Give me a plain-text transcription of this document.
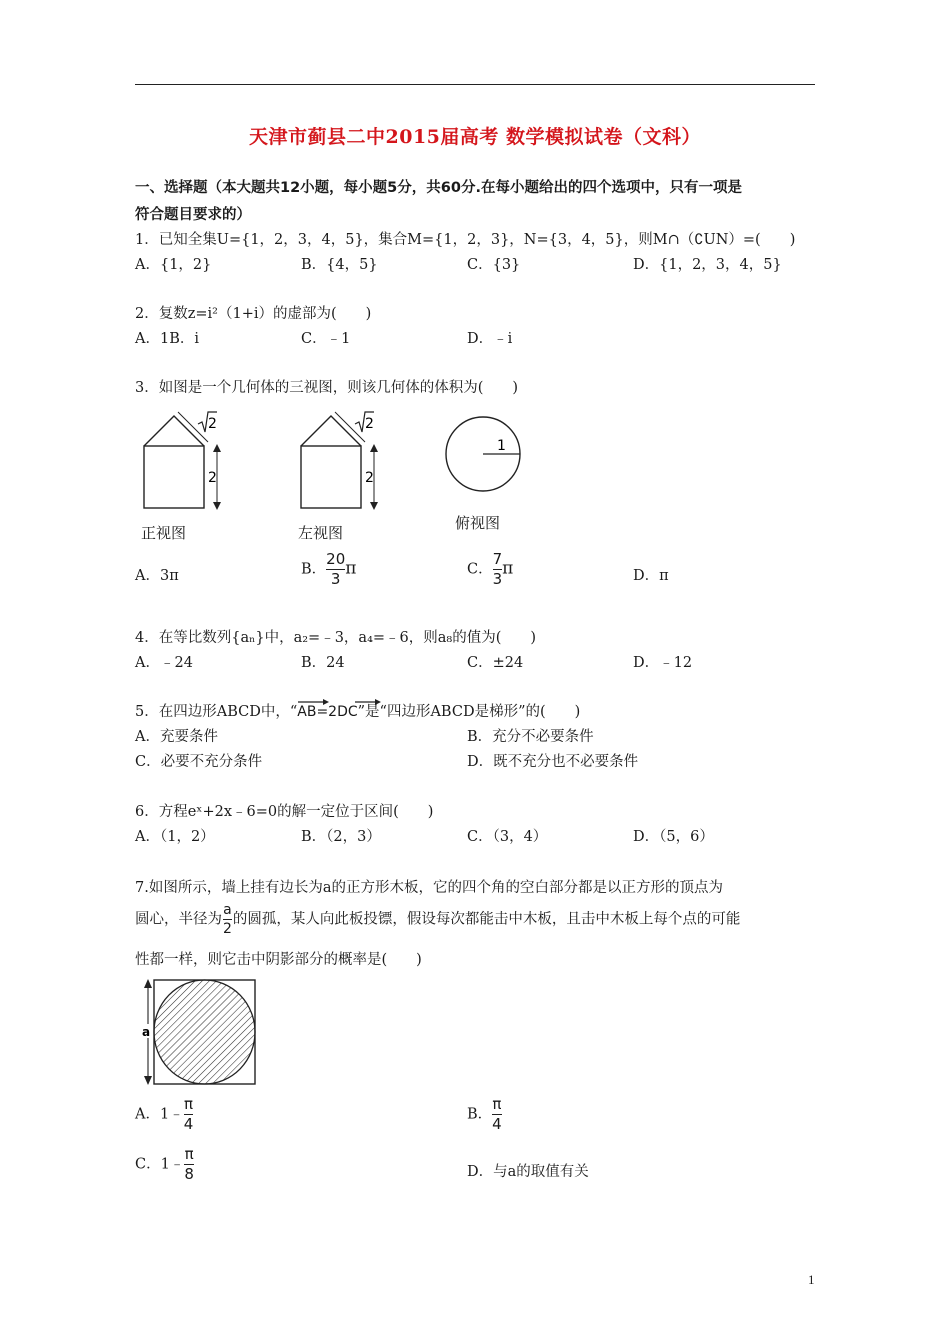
天津市蓟县二中2015届高考 数学模拟试卷（文科）
一、选择题（本大题共12小题，每小题5分，共60分.在每小题给出的四个选项中，只有一项是
符合题目要求的）
1．已知全集U={1，2，3，4，5}，集合M={1，2，3}，N={3，4，5}，则M∩（∁UN）=(　　)
A．{1，2}	B．{4，5}	C．{3}	D．{1，2，3，4，5}
2．复数z=i²（1+i）的虚部为(　　)
A．1B．i	C．﹣1	D．﹣i
3．如图是一个几何体的三视图，则该几何体的体积为(　　)
2
2
2
2
1
正视图	左视图
俯视图
A．3π	B． $\frac{20}{3}$ π	C． $\frac{7}{3}$ π	D．π
4．在等比数列{aₙ}中，a₂=﹣3，a₄=﹣6，则a₈的值为(　　)
A．﹣24	B．24	C．±24	D．﹣12
5．在四边形ABCD中，“
AB=2DC”是“四边形ABCD是梯形”的(　　)
A．充要条件	B．充分不必要条件
C．必要不充分条件	D．既不充分也不必要条件
6．方程eˣ+2x﹣6=0的解一定位于区间(　　)
A．（1，2）	B．（2，3）	C．（3，4）	D．（5，6）
7.如图所示，墙上挂有边长为a的正方形木板，它的四个角的空白部分都是以正方形的顶点为
圆心，半径为 $\frac{a}{2}$ 的圆孤，某人向此板投镖，假设每次都能击中木板，且击中木板上每个点的可能
性都一样，则它击中阴影部分的概率是(　　)
a
A．1﹣ $\frac{\pi}{4}$	B． $\frac{\pi}{4}$
C．1﹣ $\frac{\pi}{8}$	D．与a的取值有关
1
